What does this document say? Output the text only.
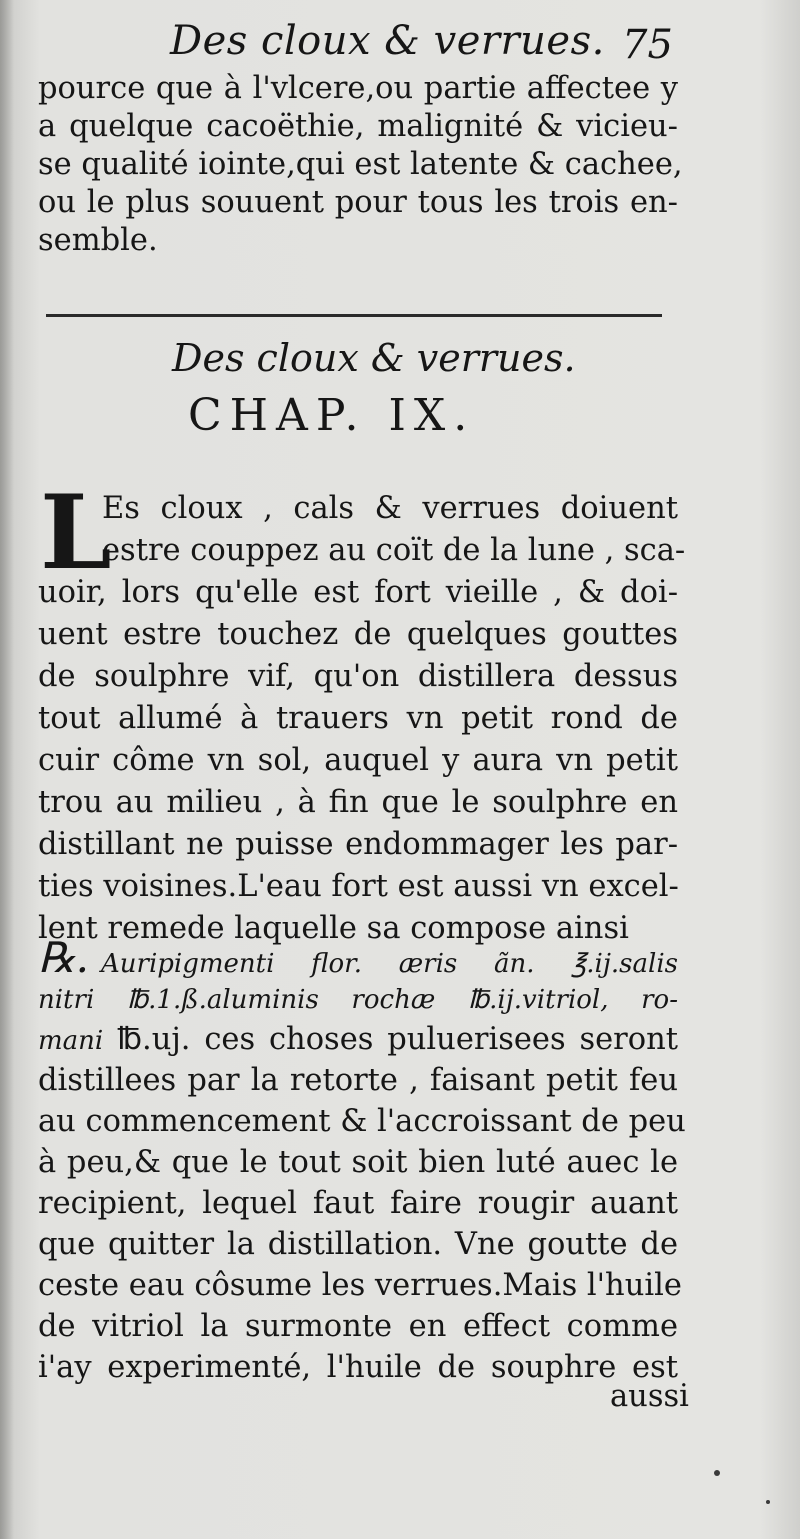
Des cloux & verrues. 75
pource que à l'vlcere,ou partie affectee y
a quelque cacoëthie, malignité & vicieu-
se qualité iointe,qui est latente & cachee,
ou le plus souuent pour tous les trois en-
semble.
Des cloux & verrues.
CHAP. IX.
L
Es cloux , cals & verrues doiuent
estre couppez au coït de la lune , sca-
uoir, lors qu'elle est fort vieille , & doi-
uent estre touchez de quelques gouttes
de soulphre vif, qu'on distillera dessus
tout allumé à trauers vn petit rond de
cuir côme vn sol, auquel y aura vn petit
trou au milieu , à fin que le soulphre en
distillant ne puisse endommager les par-
ties voisines.L'eau fort est aussi vn excel-
lent remede laquelle sa compose ainsi
℞. Auripigmenti flor. æris ãn. ℥.ij.salis
nitri ℔.1.ß.aluminis rochæ ℔.ij.vitriol, ro-
mani ℔.uj. ces choses puluerisees seront
distillees par la retorte , faisant petit feu
au commencement & l'accroissant de peu
à peu,& que le tout soit bien luté auec le
recipient, lequel faut faire rougir auant
que quitter la distillation. Vne goutte de
ceste eau côsume les verrues.Mais l'huile
de vitriol la surmonte en effect comme
i'ay experimenté, l'huile de souphre est
aussi
